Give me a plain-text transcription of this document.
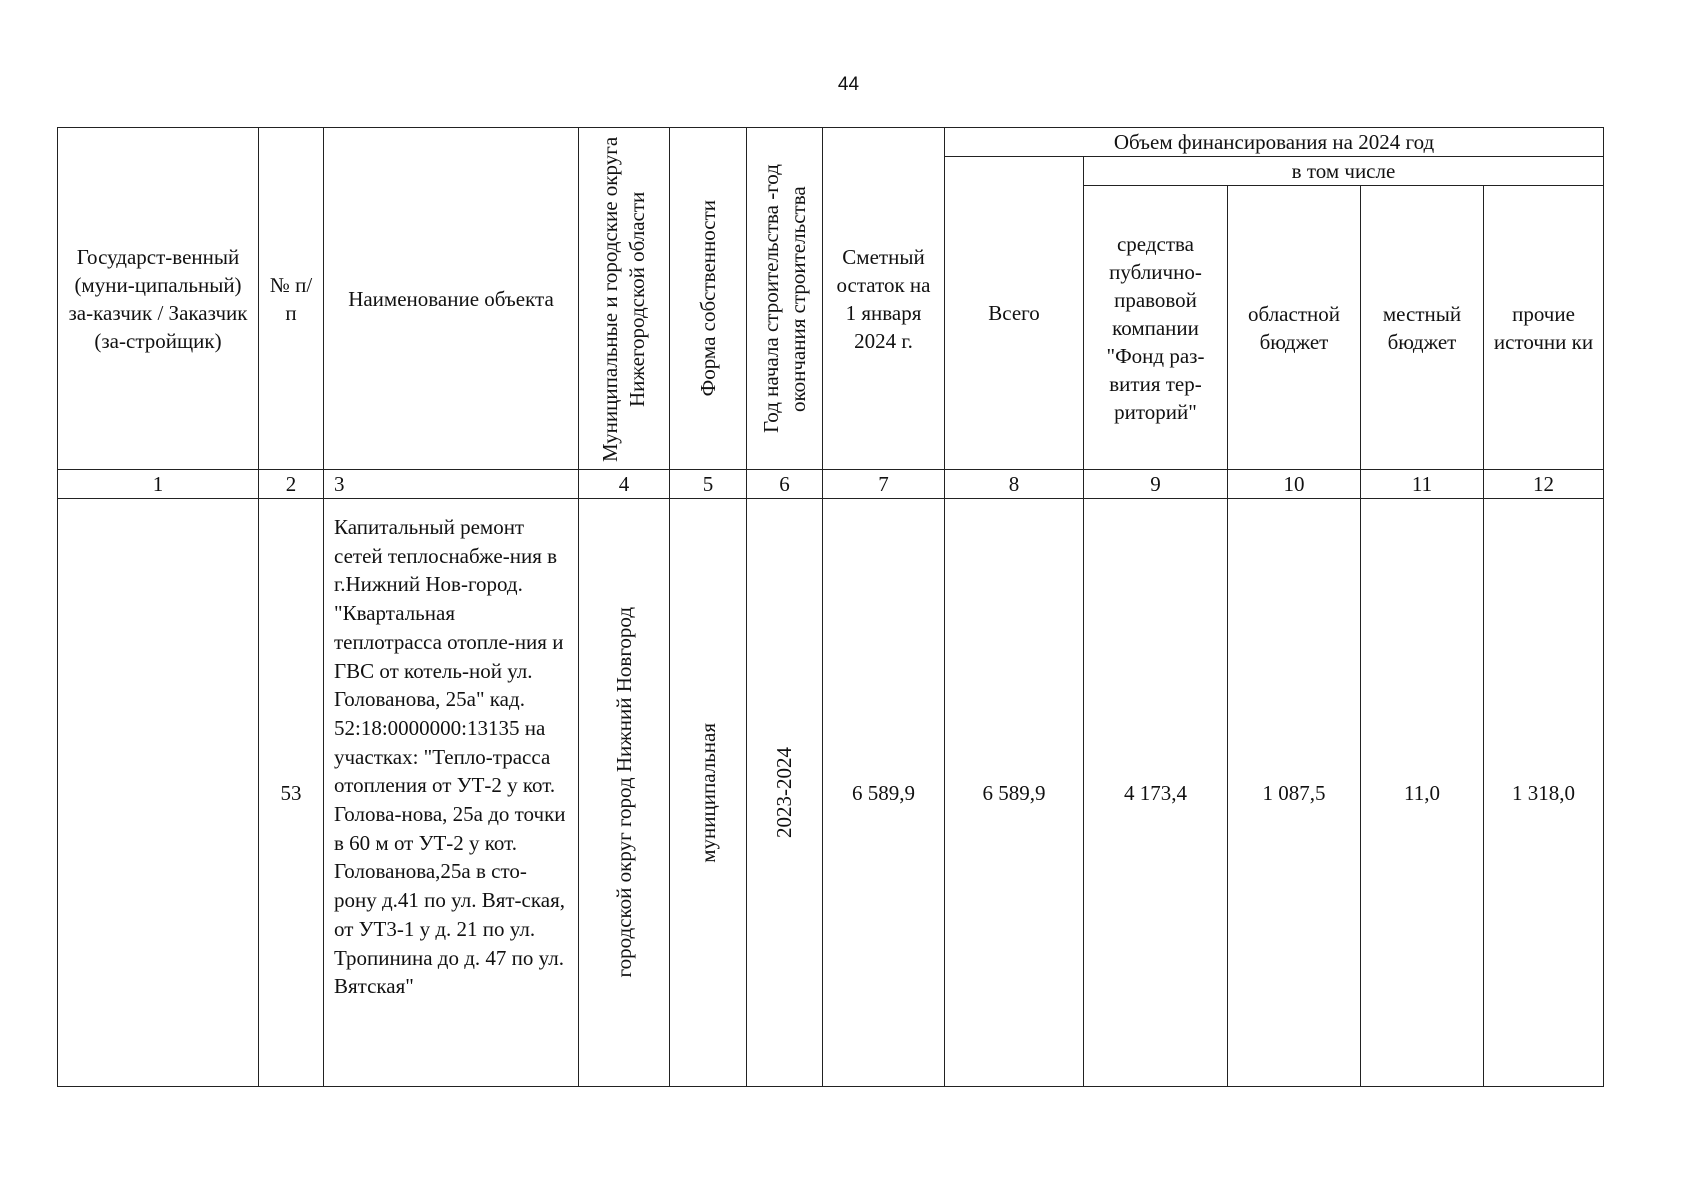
44
Государст-венный (муни-ципальный) за-казчик / Заказчик (за-стройщик)	№ п/п	Наименование объекта	Муниципальные и городские округа Нижегородской области	Форма собственности	Год начала строительства -год окончания строительства	Сметный остаток на 1 января 2024 г.	Объем финансирования на 2024 год				
							Всего	в том числе			

								средства публично-правовой компании "Фонд раз-вития тер-риторий"	областной бюджет	местный бюджет	прочие источни ки

1	2	3	4	5	6	7	8	9	10	11	12
	53	Капитальный ремонт сетей теплоснабже-ния в г.Нижний Нов-город. "Квартальная теплотрасса отопле-ния и ГВС от котель-ной ул. Голованова, 25а" кад. 52:18:0000000:13135 на участках: "Тепло-трасса отопления от УТ-2 у кот. Голова-нова, 25а до точки в 60 м от УТ-2 у кот. Голованова,25а в сто-рону д.41 по ул. Вят-ская, от УТ3-1 у д. 21 по ул. Тропинина до д. 47 по ул. Вятская"	городской округ город Нижний Новгород	муниципальная	2023-2024	6 589,9	6 589,9	4 173,4	1 087,5	11,0	1 318,0
